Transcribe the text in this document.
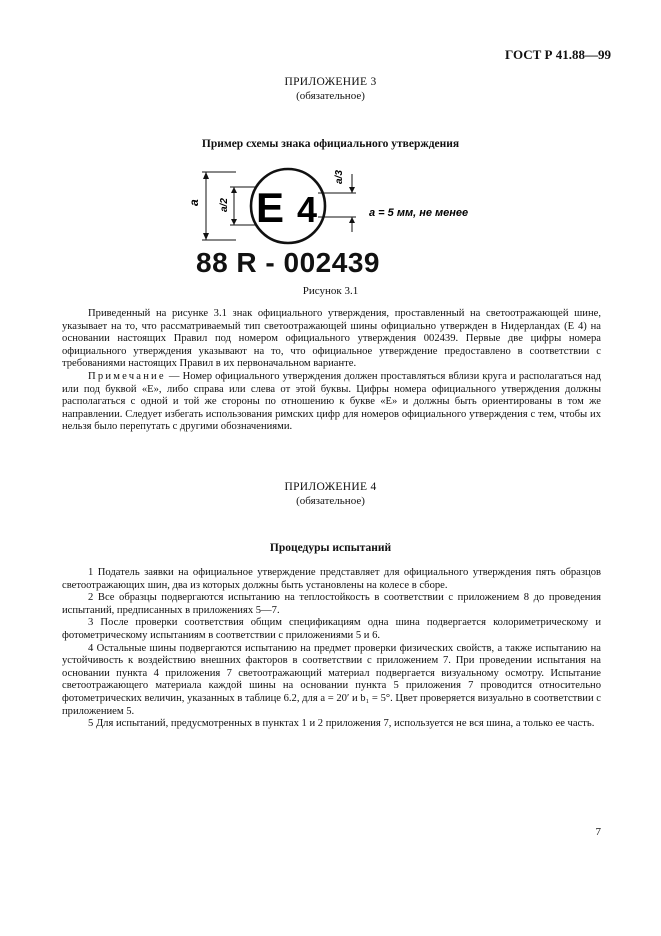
ГОСТ Р 41.88—99
ПРИЛОЖЕНИЕ 3
(обязательное)
Пример схемы знака официального утверждения
a a/2 E 4
a/3
a = 5 мм, не менее
88 R - 002439
Рисунок 3.1

Приведенный на рисунке 3.1 знак официального утверждения, проставленный на светоотражающей шине, указывает на то, что рассматриваемый тип светоотражающей шины официально утвержден в Нидерландах (Е 4) на основании настоящих Правил под номером официального утверждения 002439. Первые две цифры номера официального утверждения указывают на то, что официальное утверждение предоставлено в соответствии с требованиями настоящих Правил в их первоначальном варианте.

Примечание — Номер официального утверждения должен проставляться вблизи круга и располагаться над или под буквой «Е», либо справа или слева от этой буквы. Цифры номера официального утверждения должны располагаться с одной и той же стороны по отношению к букве «Е» и должны быть ориентированы в том же направлении. Следует избегать использования римских цифр для номеров официального утверждения с тем, чтобы их нельзя было перепутать с другими обозначениями.

ПРИЛОЖЕНИЕ 4
(обязательное)
Процедуры испытаний

1 Податель заявки на официальное утверждение представляет для официального утверждения пять образцов светоотражающих шин, два из которых должны быть установлены на колесе в сборе.

2 Все образцы подвергаются испытанию на теплостойкость в соответствии с приложением 8 до проведения испытаний, предписанных в приложениях 5—7.

3 После проверки соответствия общим спецификациям одна шина подвергается колориметрическому и фотометрическому испытаниям в соответствии с приложениями 5 и 6.

4 Остальные шины подвергаются испытанию на предмет проверки физических свойств, а также испытанию на устойчивость к воздействию внешних факторов в соответствии с приложением 7. При проведении испытания на основании пункта 4 приложения 7 светоотражающий материал подвергается визуальному осмотру. Испытание светоотражающего материала каждой шины на основании пункта 5 приложения 7 проводится относительно фотометрических величин, указанных в таблице 6.2, для a = 20′ и b₁ = 5°. Цвет проверяется визуально в соответствии с приложением 5.

5 Для испытаний, предусмотренных в пунктах 1 и 2 приложения 7, используется не вся шина, а только ее часть.

7
